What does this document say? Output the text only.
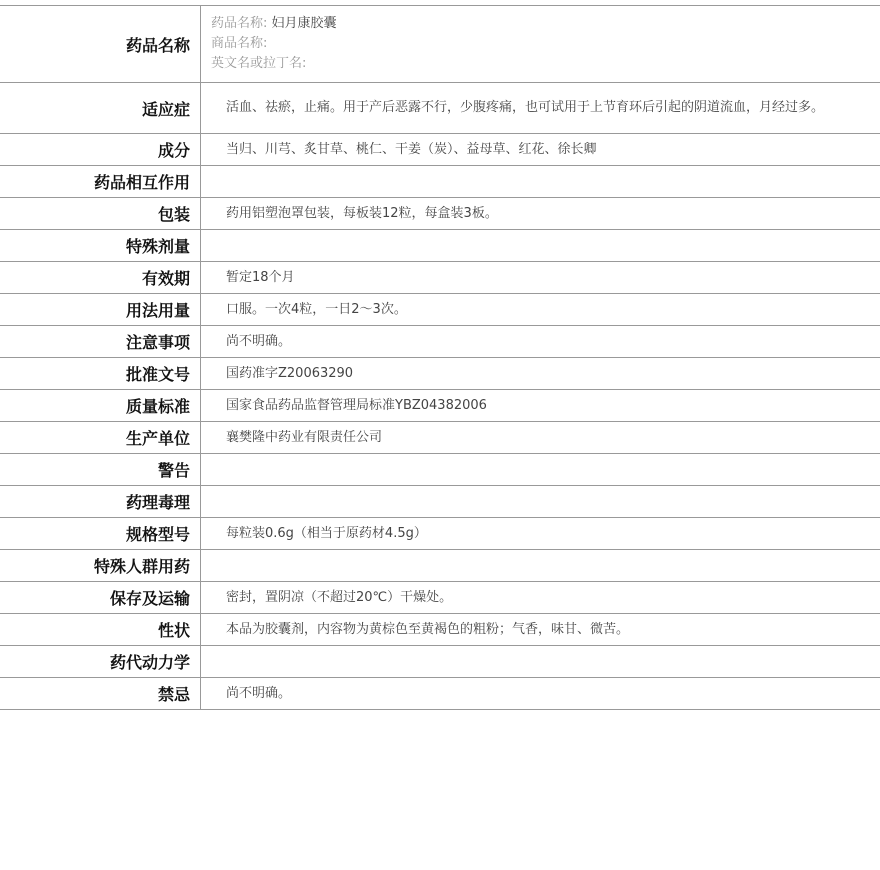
药品名称	药品名称: 妇月康胶囊
商品名称:
英文名或拉丁名:

适应症	活血、祛瘀，止痛。用于产后恶露不行，少腹疼痛，也可试用于上节育环后引起的阴道流血，月经过多。
成分	当归、川芎、炙甘草、桃仁、干姜（炭）、益母草、红花、徐长卿
药品相互作用	
包装	药用铝塑泡罩包装，每板装12粒，每盒装3板。
特殊剂量	
有效期	暂定18个月
用法用量	口服。一次4粒，一日2～3次。
注意事项	尚不明确。
批准文号	国药准字Z20063290
质量标准	国家食品药品监督管理局标准YBZ04382006
生产单位	襄樊隆中药业有限责任公司
警告	
药理毒理	
规格型号	每粒装0.6g（相当于原药材4.5g）
特殊人群用药	
保存及运输	密封，置阴凉（不超过20℃）干燥处。
性状	本品为胶囊剂，内容物为黄棕色至黄褐色的粗粉；气香，味甘、微苦。
药代动力学	
禁忌	尚不明确。
